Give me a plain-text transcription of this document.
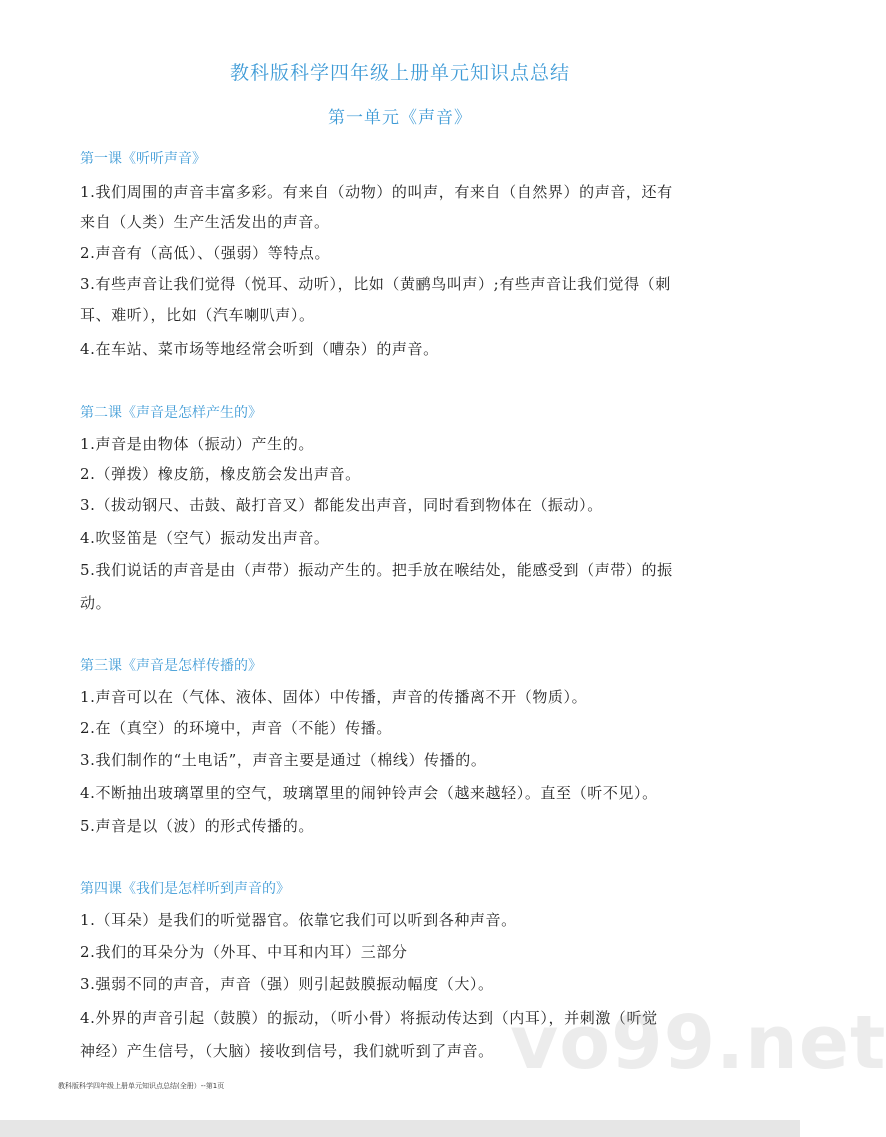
教科版科学四年级上册单元知识点总结
第一单元《声音》
第一课《听听声音》
1.我们周围的声音丰富多彩。有来自（动物）的叫声，有来自（自然界）的声音，还有
来自（人类）生产生活发出的声音。
2.声音有（高低）、（强弱）等特点。
3.有些声音让我们觉得（悦耳、动听），比如（黄鹂鸟叫声）;有些声音让我们觉得（刺
耳、难听），比如（汽车喇叭声）。
4.在车站、菜市场等地经常会听到（嘈杂）的声音。
第二课《声音是怎样产生的》
1.声音是由物体（振动）产生的。
2.（弹拨）橡皮筋，橡皮筋会发出声音。
3.（拔动钢尺、击鼓、敲打音叉）都能发出声音，同时看到物体在（振动）。
4.吹竖笛是（空气）振动发出声音。
5.我们说话的声音是由（声带）振动产生的。把手放在喉结处，能感受到（声带）的振
动。
第三课《声音是怎样传播的》
1.声音可以在（气体、液体、固体）中传播，声音的传播离不开（物质）。
2.在（真空）的环境中，声音（不能）传播。
3.我们制作的“土电话”，声音主要是通过（棉线）传播的。
4.不断抽出玻璃罩里的空气，玻璃罩里的闹钟铃声会（越来越轻）。直至（听不见）。
5.声音是以（波）的形式传播的。
第四课《我们是怎样听到声音的》
1.（耳朵）是我们的听觉器官。依靠它我们可以听到各种声音。
2.我们的耳朵分为（外耳、中耳和内耳）三部分
3.强弱不同的声音，声音（强）则引起鼓膜振动幅度（大）。
4.外界的声音引起（鼓膜）的振动，（听小骨）将振动传达到（内耳），并刺激（听觉
神经）产生信号，（大脑）接收到信号，我们就听到了声音。 vo99.net
教科版科学四年级上册单元知识点总结(全册）--第1页
